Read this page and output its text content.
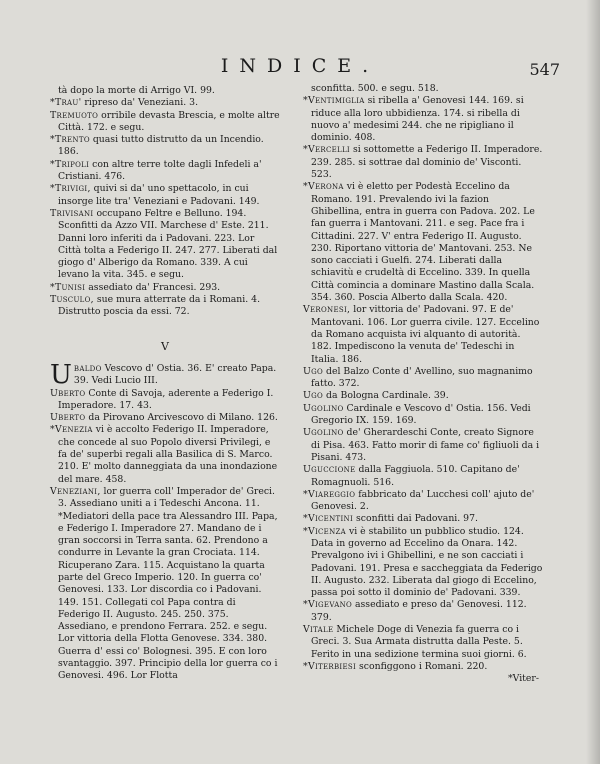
INDICE.	547

tà dopo la morte di Arrigo VI. 99.

*Trau' ripreso da' Veneziani. 3.

Tremuoto orribile devasta Brescia, e molte altre Città. 172. e segu.

*Trento quasi tutto distrutto da un Incendio. 186.

*Tripoli con altre terre tolte dagli Infedeli a' Cristiani. 476.

*Trivigi, quivi si da' uno spettacolo, in cui insorge lite tra' Veneziani e Padovani. 149.

Trivisani occupano Feltre e Belluno. 194. Sconfitti da Azzo VII. Marchese d' Este. 211. Danni loro inferiti da i Padovani. 223. Lor Città tolta a Federigo II. 247. 277. Liberati dal giogo d' Alberigo da Romano. 339. A cui levano la vita. 345. e segu.

*Tunisi assediato da' Francesi. 293.

Tusculo, sue mura atterrate da i Romani. 4. Distrutto poscia da essi. 72.

V

Ubaldo Vescovo d' Ostia. 36. E' creato Papa. 39. Vedi Lucio III.

Uberto Conte di Savoja, aderente a Federigo I. Imperadore. 17. 43.

Uberto da Pirovano Arcivescovo di Milano. 126.

*Venezia vi è accolto Federigo II. Imperadore, che concede al suo Popolo diversi Privilegi, e fa de' superbi regali alla Basilica di S. Marco. 210. E' molto danneggiata da una inondazione del mare. 458.

Veneziani, lor guerra coll' Imperador de' Greci. 3. Assediano uniti a i Tedeschi Ancona. 11. *Mediatori della pace tra Alessandro III. Papa, e Federigo I. Imperadore 27. Mandano de i gran soccorsi in Terra santa. 62. Prendono a condurre in Levante la gran Crociata. 114. Ricuperano Zara. 115. Acquistano la quarta parte del Greco Imperio. 120. In guerra co' Genovesi. 133. Lor discordia co i Padovani. 149. 151. Collegati col Papa contra di Federigo II. Augusto. 245. 250. 375. Assediano, e prendono Ferrara. 252. e segu. Lor vittoria della Flotta Genovese. 334. 380. Guerra d' essi co' Bolognesi. 395. E con loro svantaggio. 397. Principio della lor guerra co i Genovesi. 496. Lor Flotta

sconfitta. 500. e segu. 518.

*Ventimiglia si ribella a' Genovesi 144. 169. si riduce alla loro ubbidienza. 174. si ribella di nuovo a' medesimi 244. che ne ripigliano il dominio. 408.

*Vercelli si sottomette a Federigo II. Imperadore. 239. 285. si sottrae dal dominio de' Visconti. 523.

*Verona vi è eletto per Podestà Eccelino da Romano. 191. Prevalendo ivi la fazion Ghibellina, entra in guerra con Padova. 202. Le fan guerra i Mantovani. 211. e seg. Pace fra i Cittadini. 227. V' entra Federigo II. Augusto. 230. Riportano vittoria de' Mantovani. 253. Ne sono cacciati i Guelfi. 274. Liberati dalla schiavitù e crudeltà di Eccelino. 339. In quella Città comincia a dominare Mastino dalla Scala. 354. 360. Poscia Alberto dalla Scala. 420.

Veronesi, lor vittoria de' Padovani. 97. E de' Mantovani. 106. Lor guerra civile. 127. Eccelino da Romano acquista ivi alquanto di autorità. 182. Impediscono la venuta de' Tedeschi in Italia. 186.

Ugo del Balzo Conte d' Avellino, suo magnanimo fatto. 372.

Ugo da Bologna Cardinale. 39.

Ugolino Cardinale e Vescovo d' Ostia. 156. Vedi Gregorio IX. 159. 169.

Ugolino de' Gherardeschi Conte, creato Signore di Pisa. 463. Fatto morir di fame co' figliuoli da i Pisani. 473.

Uguccione dalla Faggiuola. 510. Capitano de' Romagnuoli. 516.

*Viareggio fabbricato da' Lucchesi coll' ajuto de' Genovesi. 2.

*Vicentini sconfitti dai Padovani. 97.

*Vicenza vi è stabilito un pubblico studio. 124. Data in governo ad Eccelino da Onara. 142. Prevalgono ivi i Ghibellini, e ne son cacciati i Padovani. 191. Presa e saccheggiata da Federigo II. Augusto. 232. Liberata dal giogo di Eccelino, passa poi sotto il dominio de' Padovani. 339.

*Vigevano assediato e preso da' Genovesi. 112. 379.

Vitale Michele Doge di Venezia fa guerra co i Greci. 3. Sua Armata distrutta dalla Peste. 5. Ferito in una sedizione termina suoi giorni. 6.

*Viterbiesi sconfiggono i Romani. 220.

*Viter-
